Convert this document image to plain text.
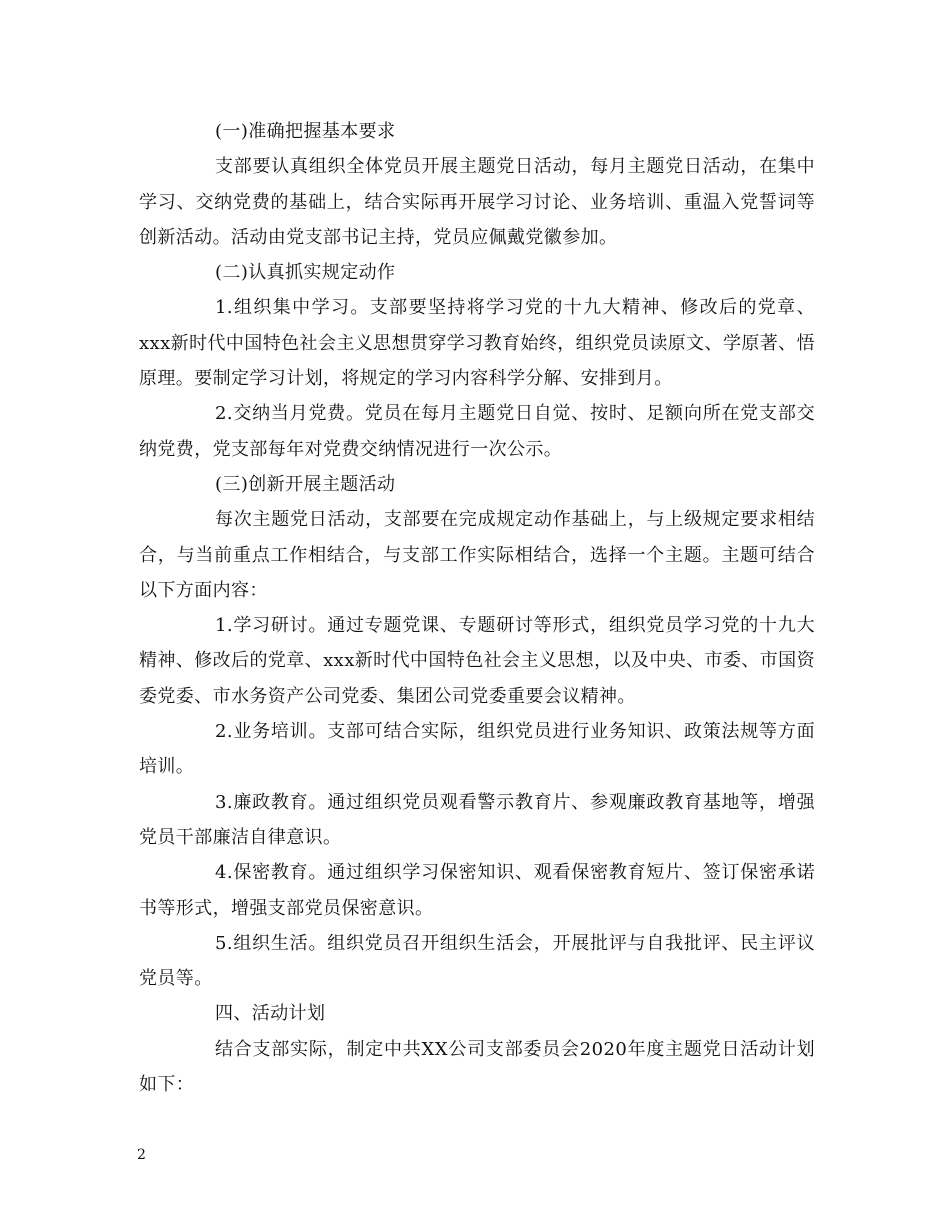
(一)准确把握基本要求

支部要认真组织全体党员开展主题党日活动，每月主题党日活动，在集中学习、交纳党费的基础上，结合实际再开展学习讨论、业务培训、重温入党誓词等创新活动。活动由党支部书记主持，党员应佩戴党徽参加。

(二)认真抓实规定动作

1.组织集中学习。支部要坚持将学习党的十九大精神、修改后的党章、xxx新时代中国特色社会主义思想贯穿学习教育始终，组织党员读原文、学原著、悟原理。要制定学习计划，将规定的学习内容科学分解、安排到月。

2.交纳当月党费。党员在每月主题党日自觉、按时、足额向所在党支部交纳党费，党支部每年对党费交纳情况进行一次公示。

(三)创新开展主题活动

每次主题党日活动，支部要在完成规定动作基础上，与上级规定要求相结合，与当前重点工作相结合，与支部工作实际相结合，选择一个主题。主题可结合以下方面内容：

1.学习研讨。通过专题党课、专题研讨等形式，组织党员学习党的十九大精神、修改后的党章、xxx新时代中国特色社会主义思想，以及中央、市委、市国资委党委、市水务资产公司党委、集团公司党委重要会议精神。

2.业务培训。支部可结合实际，组织党员进行业务知识、政策法规等方面培训。

3.廉政教育。通过组织党员观看警示教育片、参观廉政教育基地等，增强党员干部廉洁自律意识。

4.保密教育。通过组织学习保密知识、观看保密教育短片、签订保密承诺书等形式，增强支部党员保密意识。

5.组织生活。组织党员召开组织生活会，开展批评与自我批评、民主评议党员等。

四、活动计划

结合支部实际，制定中共XX公司支部委员会2020年度主题党日活动计划如下：

2
